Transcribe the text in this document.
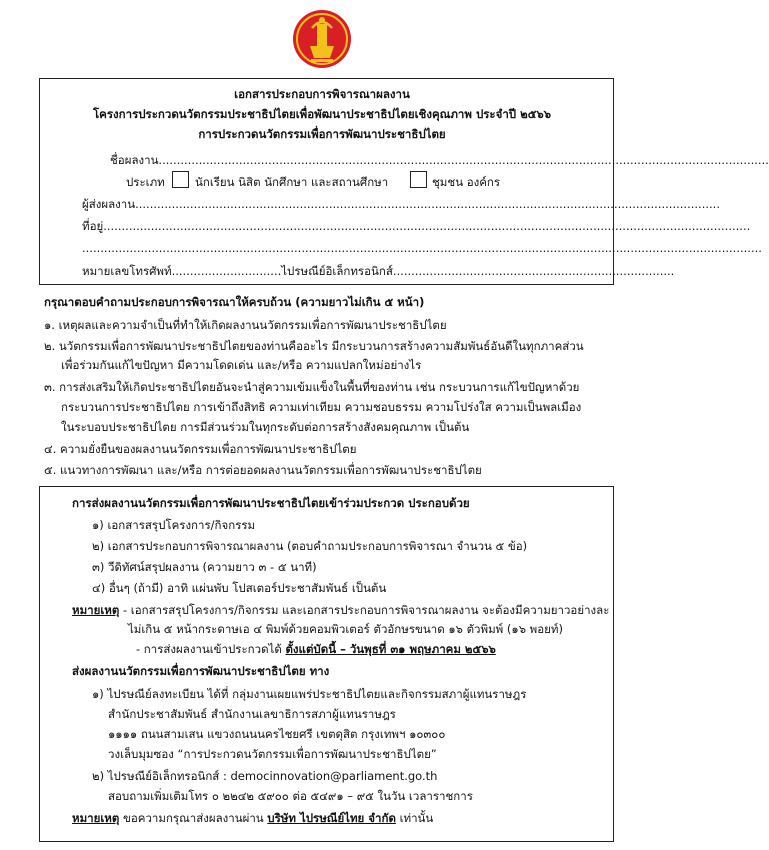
เอกสารประกอบการพิจารณาผลงาน
โครงการประกวดนวัตกรรมประชาธิปไตยเพื่อพัฒนาประชาธิปไตยเชิงคุณภาพ ประจำปี ๒๕๖๖
การประกวดนวัตกรรมเพื่อการพัฒนาประชาธิปไตย
ชื่อผลงาน.......................................................................................................................................................................
ประเภท	นักเรียน นิสิต นักศึกษา และสถานศึกษา	ชุมชน องค์กร
ผู้ส่งผลงาน................................................................................................................................................................
ที่อยู่.................................................................................................................................................................................
..........................................................................................................................................................................................
หมายเลขโทรศัพท์..............................ไปรษณีย์อิเล็กทรอนิกส์.............................................................................
กรุณาตอบคำถามประกอบการพิจารณาให้ครบถ้วน (ความยาวไม่เกิน ๕ หน้า)
๑. เหตุผลและความจำเป็นที่ทำให้เกิดผลงานนวัตกรรมเพื่อการพัฒนาประชาธิปไตย
๒. นวัตกรรมเพื่อการพัฒนาประชาธิปไตยของท่านคืออะไร มีกระบวนการสร้างความสัมพันธ์อันดีในทุกภาคส่วน
เพื่อร่วมกันแก้ไขปัญหา มีความโดดเด่น และ/หรือ ความแปลกใหม่อย่างไร
๓. การส่งเสริมให้เกิดประชาธิปไตยอันจะนำสู่ความเข้มแข็งในพื้นที่ของท่าน เช่น กระบวนการแก้ไขปัญหาด้วย
กระบวนการประชาธิปไตย การเข้าถึงสิทธิ ความเท่าเทียม ความชอบธรรม ความโปร่งใส ความเป็นพลเมือง
ในระบอบประชาธิปไตย การมีส่วนร่วมในทุกระดับต่อการสร้างสังคมคุณภาพ เป็นต้น
๔. ความยั่งยืนของผลงานนวัตกรรมเพื่อการพัฒนาประชาธิปไตย
๕. แนวทางการพัฒนา และ/หรือ การต่อยอดผลงานนวัตกรรมเพื่อการพัฒนาประชาธิปไตย
การส่งผลงานนวัตกรรมเพื่อการพัฒนาประชาธิปไตยเข้าร่วมประกวด ประกอบด้วย
๑) เอกสารสรุปโครงการ/กิจกรรม
๒) เอกสารประกอบการพิจารณาผลงาน (ตอบคำถามประกอบการพิจารณา จำนวน ๕ ข้อ)
๓) วีดิทัศน์สรุปผลงาน (ความยาว ๓ - ๕ นาที)
๔) อื่นๆ (ถ้ามี) อาทิ แผ่นพับ โปสเตอร์ประชาสัมพันธ์ เป็นต้น
หมายเหตุ - เอกสารสรุปโครงการ/กิจกรรม และเอกสารประกอบการพิจารณาผลงาน จะต้องมีความยาวอย่างละ
ไม่เกิน ๕ หน้ากระดาษเอ ๔ พิมพ์ด้วยคอมพิวเตอร์ ตัวอักษรขนาด ๑๖ ตัวพิมพ์ (๑๖ พอยท์)
- การส่งผลงานเข้าประกวดได้ ตั้งแต่บัดนี้ – วันพุธที่ ๓๑ พฤษภาคม ๒๕๖๖
ส่งผลงานนวัตกรรมเพื่อการพัฒนาประชาธิปไตย ทาง
๑) ไปรษณีย์ลงทะเบียน ได้ที่ กลุ่มงานเผยแพร่ประชาธิปไตยและกิจกรรมสภาผู้แทนราษฎร
สำนักประชาสัมพันธ์ สำนักงานเลขาธิการสภาผู้แทนราษฎร
๑๑๑๑ ถนนสามเสน แขวงถนนนครไชยศรี เขตดุสิต กรุงเทพฯ ๑๐๓๐๐
วงเล็บมุมซอง “การประกวดนวัตกรรมเพื่อการพัฒนาประชาธิปไตย”
๒) ไปรษณีย์อิเล็กทรอนิกส์ : democinnovation@parliament.go.th
สอบถามเพิ่มเติมโทร ๐ ๒๒๔๒ ๕๙๐๐ ต่อ ๕๔๙๑ – ๙๕ ในวัน เวลาราชการ
หมายเหตุ ขอความกรุณาส่งผลงานผ่าน บริษัท ไปรษณีย์ไทย จำกัด เท่านั้น
